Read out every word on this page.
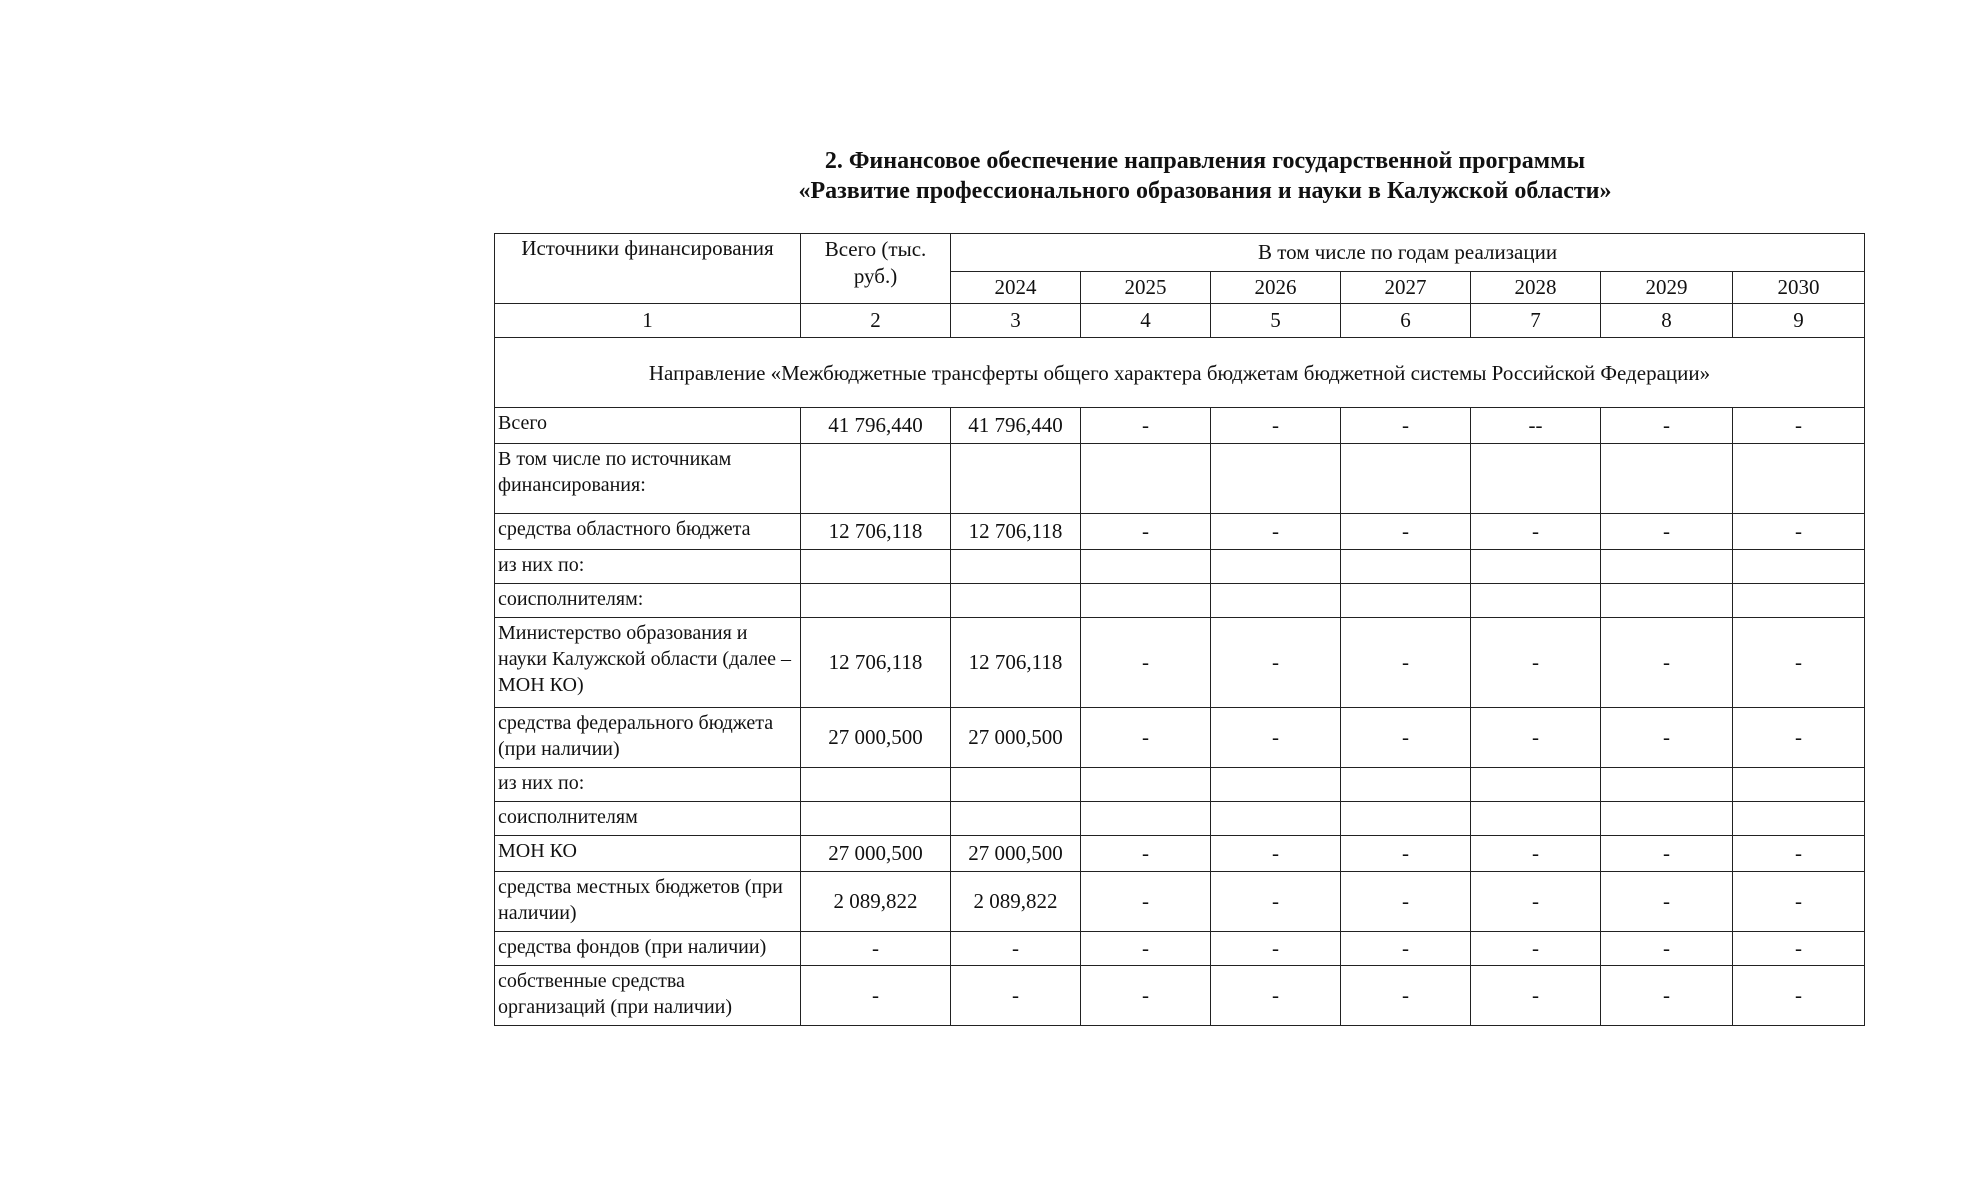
2. Финансовое обеспечение направления государственной программы
«Развитие профессионального образования и науки в Калужской области»
Источники финансирования	Всего (тыс. руб.)	В том числе по годам реализации						
		2024	2025	2026	2027	2028	2029	2030
1	2	3	4	5	6	7	8	9
Направление «Межбюджетные трансферты общего характера бюджетам бюджетной системы Российской Федерации»								
Всего	41 796,440	41 796,440	-	-	-	--	-	-
В том числе по источникам финансирования:								
средства областного бюджета	12 706,118	12 706,118	-	-	-	-	-	-
из них по:								
соисполнителям:								
Министерство образования и науки Калужской области (далее – МОН КО)	12 706,118	12 706,118	-	-	-	-	-	-
средства федерального бюджета (при наличии)	27 000,500	27 000,500	-	-	-	-	-	-
из них по:								
соисполнителям								
МОН КО	27 000,500	27 000,500	-	-	-	-	-	-
средства местных бюджетов (при наличии)	2 089,822	2 089,822	-	-	-	-	-	-
средства фондов (при наличии)	-	-	-	-	-	-	-	-
собственные средства организаций (при наличии)	-	-	-	-	-	-	-	-
